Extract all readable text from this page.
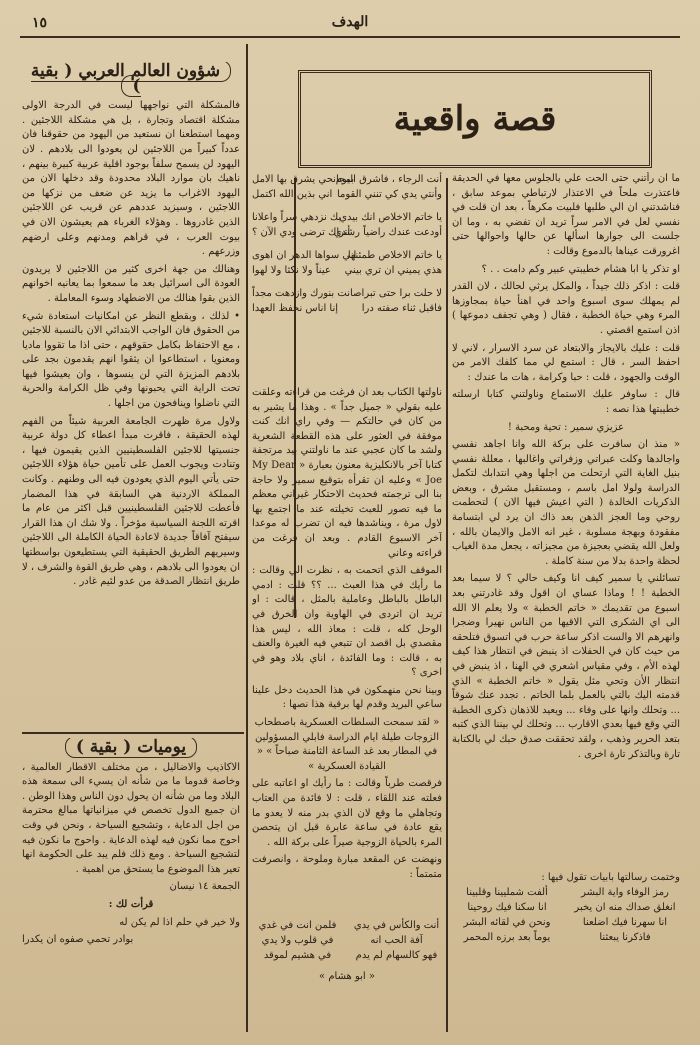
الهدف
١٥
قصة واقعية

ما ان رأتني حتى الحت علي بالجلوس معها في الحديقة فاعتذرت ملحاً في الاعتذار لارتباطي بموعد سابق ، فناشدتني ان الي طلبها فلبيت مكرهاً ، بعد ان قلت في نفسي لعل في الامر سراً تريد ان تفضي به ، وما ان جلست الى جوارها اسألها عن حالها واحوالها حتى اغرورقت عيناها بالدموع وقالت :

او تذكر يا ابا هشام خطيبتي عبير وكم دامت . . ؟

قلت : اذكر ذلك جيداً ، والمكل يرثي لحالك ، لان القدر لم يمهلك سوى اسبوع واحد في اهنأ حياة بمجاوزها المرء وهي حياة الخطبة ، فقال ( وهي تجفف دموعها ) اذن استمع اقصتي .

قلت : عليك بالايجاز والابتعاد عن سرد الاسرار ، لاني لا احفظ السر ، قال : استمع لي مما كلفك الامر من الوقت والجهود ، قلت : حبا وكرامة ، هات ما عندك :

قال : ساوفر عليك الاستماع وناولتني كتابا ارسلته خطيبتها هذا نصه :

عزيزي سمير : تحية ومحبة !

« منذ ان سافرت على بركة الله وانا اجاهد نفسي واجالدها وكلت عبراتي وزفراتي واغالبها ، معللة نفسي بنيل الغاية التي ارتحلت من اجلها وهي انتدابك لتكمل الدراسة ولولا امل باسم ، ومستقبل مشرق ، وبعض الذكريات الخالدة ( التي اعيش فيها الان ) لتحطمت روحي وما العجز الذهن بعد ذاك ان يرد لي ابتسامة مفقودة وبهجة مسلوبة ، غير انه الامل والايمان بالله ، ولعل الله يقضي بعجيزة من مجيزاته ، يجعل مدة الغياب لحظة واحدة بدلا من سنة كاملة .

تسائلني يا سمير كيف انا وكيف حالي ؟ لا سيما بعد الخطبة ! ! وماذا عساي ان اقول وقد غادرتني بعد اسبوع من تقديمك « خاتم الخطبة » ولا يعلم الا الله الى اي الشكرى التي الاقيها من الناس نهيرا وضجرا وانهرهم الا والست اذكر ساعة حرب في اتسوق فتلحقه من حيث كان في الحفلات اذ ينبض في انتظار هذا كيف لهذه الأم ، وفي مقياس اشعري في الهنا ، اذ ينبض في انتظار الأن وتحي مثل يقول « خاتم الخطبة » الذي قدمته اليك بالتي بالعمل بلما الخاتم . تجدد عنك شوقاً ... وتحلك وانها على وفاء ... ويعيد للاذهان ذكرى الخطبة التي وقع فيها بعدي الاقارب ... وتحلك لي بيننا الذي كتبه بتعد الحرير وذهب ، ولقد تحققت صدق حبك لي بالكتابة تارة وبالتذكر تارة اخرى .

وختمت رسالتها بابيات تقول فيها :
رمز الوفاء واية البشر
ألفت شمليينا وقلبينا
انغلق صداك منه ان يخبر
انا سكنا فيك روحينا
انا سهرنا فيك اضلعنا
ونحن في لقائه البشر
فاذكرنا يبعثنا
يوماً بعد برزه المحمر
أنت الرجاء ، فاشرق اليوم
وأنتي يدي كي تنني القوما
يا خاتم الاخلاص انك بيدي
أودعت عندك راضياً رشدي
يا خاتم الاخلاص طمئنها
هذي يميني ان تري بيني
لا حلت برا حتى تبرا
فاقبل ثناء صفته درا
بمجانحي يشرق بها الامل
اني بذين الله اكتمل
بك نزدهي سراً واعلانا
أتراك ترضى ودي الآن ؟
اني سواها الدهر ان اهوى
عيناً ولا نكثا ولا لهوا
صانت بنورك وازدهت مجداً
إنا اناس نحفظ العهدا

ناولتها الكتاب بعد ان فرغت من قراءته وعلقت عليه بقولي « جميل جداً » . وهذا ما يشير به من كان في حالتكم — وفي راي انك كنت موفقة في العثور على هذه القطعة الشعرية ولشد ما كان عجبي عند ما ناولتني بيد مرتجفة كتابا آخر بالانكليزية معنون بعبارة « My Dear Joe » وعليه ان تقرأه بتوقيع سمير ولا حاجة بنا الى ترجمته فحديث الاحتكار غيراني معظم ما فيه تصور للعبث تخيلته عند ما اجتمع بها لاول مرة ، ويناشدها فيه ان تضرب له موعدا آخر الاسبوع القادم . وبعد ان فرغت من قراءته وعاني

الموقف الذي اتحمت به ، نظرت الي وقالت : ما رأيك في هذا العبث ... ؟؟ قلت : ادمي الباطل بالباطل وعاملية بالمثل ، قالت : او تريد ان اتردى في الهاوية وان الخرق في الوحل كله ، قلت : معاذ الله ، ليس هذا مقصدي بل اقصد ان تتبعي فيه الغيرة والعنف به ، قالت : وما الفائدة ، اناي بلاد وهو في اخرى ؟

وبينا نحن منهمكون في هذا الحديث دخل علينا ساعي البريد وقدم لها برقية هذا نصها :

« لقد سمحت السلطات العسكرية باصطحاب الزوجات طيلة ايام الدراسة فابلي المسؤولين في المطار بعد غد الساعة الثامنة صباحاً » « القيادة العسكرية »

فرقصت طرباً وقالت : ما رأيك او اعاتبه على فعلته عند اللقاء ، قلت : لا فائدة من العتاب وتجاهلي ما وقع لان الذي بدر منه لا يعدو ما يقع عادة في ساعة عابرة قبل ان يتحصن المرء بالحياة الزوجية صيراً على بركة الله .

ونهضت عن المقعد مبارة وملوحة ، وانصرفت متمتماً :

أنت والكأس في يدي
فلمن انت في غدي
آفة الحب انه
في قلوب ولا يدي
فهو كالسهام لم يدم
في هشيم لموقد
« ابو هشام »
شؤون العالم العربي ( بقية )

فالمشكلة التي نواجهها ليست في الدرجة الاولى مشكلة اقتصاد وتجارة ، بل هي مشكلة اللاجئين . ومهما استطعنا ان نستعيد من اليهود من حقوقنا فان عدداً كبيراً من اللاجئين لن يعودوا الى بلادهم . لان اليهود لن يسمح سلفاً بوجود اقلية عربية كبيرة بينهم ، ناهيك بان موارد البلاد محدودة وقد دخلها الان من اليهود الاغراب ما يزيد عن ضعف من نزكها من اللاجئين ، وسيزيد عددهم عن قريب عن اللاجئين الذين غادروها . وهؤلاء الغرباء هم يعيشون الان في بيوت العرب ، في قراهم ومدنهم وعلى ارضهم وزرعهم .

وهنالك من جهة اخرى كثير من اللاجئين لا يريدون العودة الى اسرائيل بعد ما سمعوا بما يعانيه اخوانهم الذين بقوا هنالك من الاضطهاد وسوء المعاملة .

• لذلك ، وبقطع النظر عن امكانيات استعادة شيء من الحقوق فان الواجب الابتدائي الان بالنسبة للاجئين ، مع الاحتفاظ بكامل حقوقهم ، حتى اذا ما تقووا ماديا ومعنويا ، استطاعوا ان يثقوا انهم يقدمون بجد على بلادهم المزيزة التي لن ينسوها ، وان يعيشوا فيها تحت الراية التي يحبونها وفي ظل الكرامة والحرية التي ناضلوا وينافحون من اجلها .

ولاول مرة ظهرت الجامعة العربية شيئاً من الفهم لهذه الحقيقة ، فاقرت مبدأ اعطاء كل دولة عربية جنسيتها للاجئين الفلسطينيين الذين يقيمون فيها ، وتنادت ويجوب العمل على تأمين حياة هؤلاء اللاجئين حتى يأتي اليوم الذي يعودون فيه الى وطنهم . وكانت المملكة الاردنية هي السابقة في هذا المضمار فأعطت للاجئين الفلسطينيين قبل اكثر من عام ما اقرته اللجنة السياسية مؤخراً . ولا شك ان هذا القرار سيفتح آفاقاً جديدة لاعادة الحياة الكاملة الى اللاجئين وسيريهم الطريق الحقيقية التي يستطيعون بواسطتها ان يعودوا الى بلادهم ، وهي طريق القوة والشرف ، لا طريق انتظار الصدقة من عدو لئيم غادر .

يوميات ( بقية )

الاكاذيب والاضاليل ، من مختلف الاقطار العالمية ، وخاصة قدوما ما من شأنه ان يسيء الى سمعة هذه البلاد وما من شأنه ان يحول دون الناس وهذا الوطن . ان جميع الدول تخصص في ميزانياتها مبالغ محترمة من اجل الدعاية ، وتشجيع السياحة ، ونحن في وقت احوج مما نكون فيه لهذه الدعاية . واحوج ما نكون فيه لتشجيع السياحة . ومع ذلك فلم يبد على الحكومة انها تعير هذا الموضوع ما يستحق من اهمية .

الجمعة ١٤ نيسان

قرأت لك :

ولا خير في حلم اذا لم يكن له

بوادر تحمي صفوه ان يكدرا
